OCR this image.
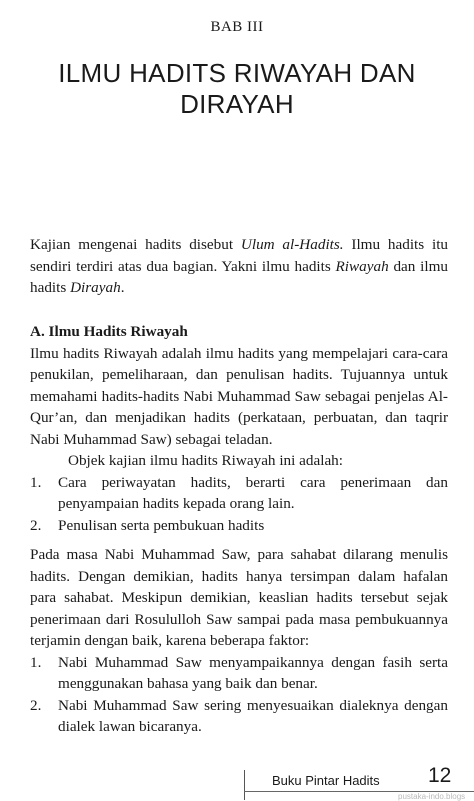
BAB III
ILMU HADITS RIWAYAH DAN DIRAYAH

Kajian mengenai hadits disebut Ulum al-Hadits. Ilmu hadits itu sendiri terdiri atas dua bagian. Yakni ilmu hadits Riwayah dan ilmu hadits Dirayah.

A. Ilmu Hadits Riwayah

Ilmu hadits Riwayah adalah ilmu hadits yang mempelajari cara-cara penukilan, pemeliharaan, dan penulisan hadits. Tujuannya untuk memahami hadits-hadits Nabi Muhammad Saw sebagai penjelas Al-Qur’an, dan menjadikan hadits (perkataan, perbuatan, dan taqrir Nabi Muhammad Saw) sebagai teladan.

Objek kajian ilmu hadits Riwayah ini adalah:

1. Cara periwayatan hadits, berarti cara penerimaan dan penyampaian hadits kepada orang lain.
2. Penulisan serta pembukuan hadits

Pada masa Nabi Muhammad Saw, para sahabat dilarang menulis hadits. Dengan demikian, hadits hanya tersimpan dalam hafalan para sahabat. Meskipun demikian, keaslian hadits tersebut sejak penerimaan dari Rosululloh Saw sampai pada masa pembukuannya terjamin dengan baik, karena beberapa faktor:

1. Nabi Muhammad Saw menyampaikannya dengan fasih serta menggunakan bahasa yang baik dan benar.
2. Nabi Muhammad Saw sering menyesuaikan dialeknya dengan dialek lawan bicaranya.
Buku Pintar Hadits 12
pustaka-indo.blogs
